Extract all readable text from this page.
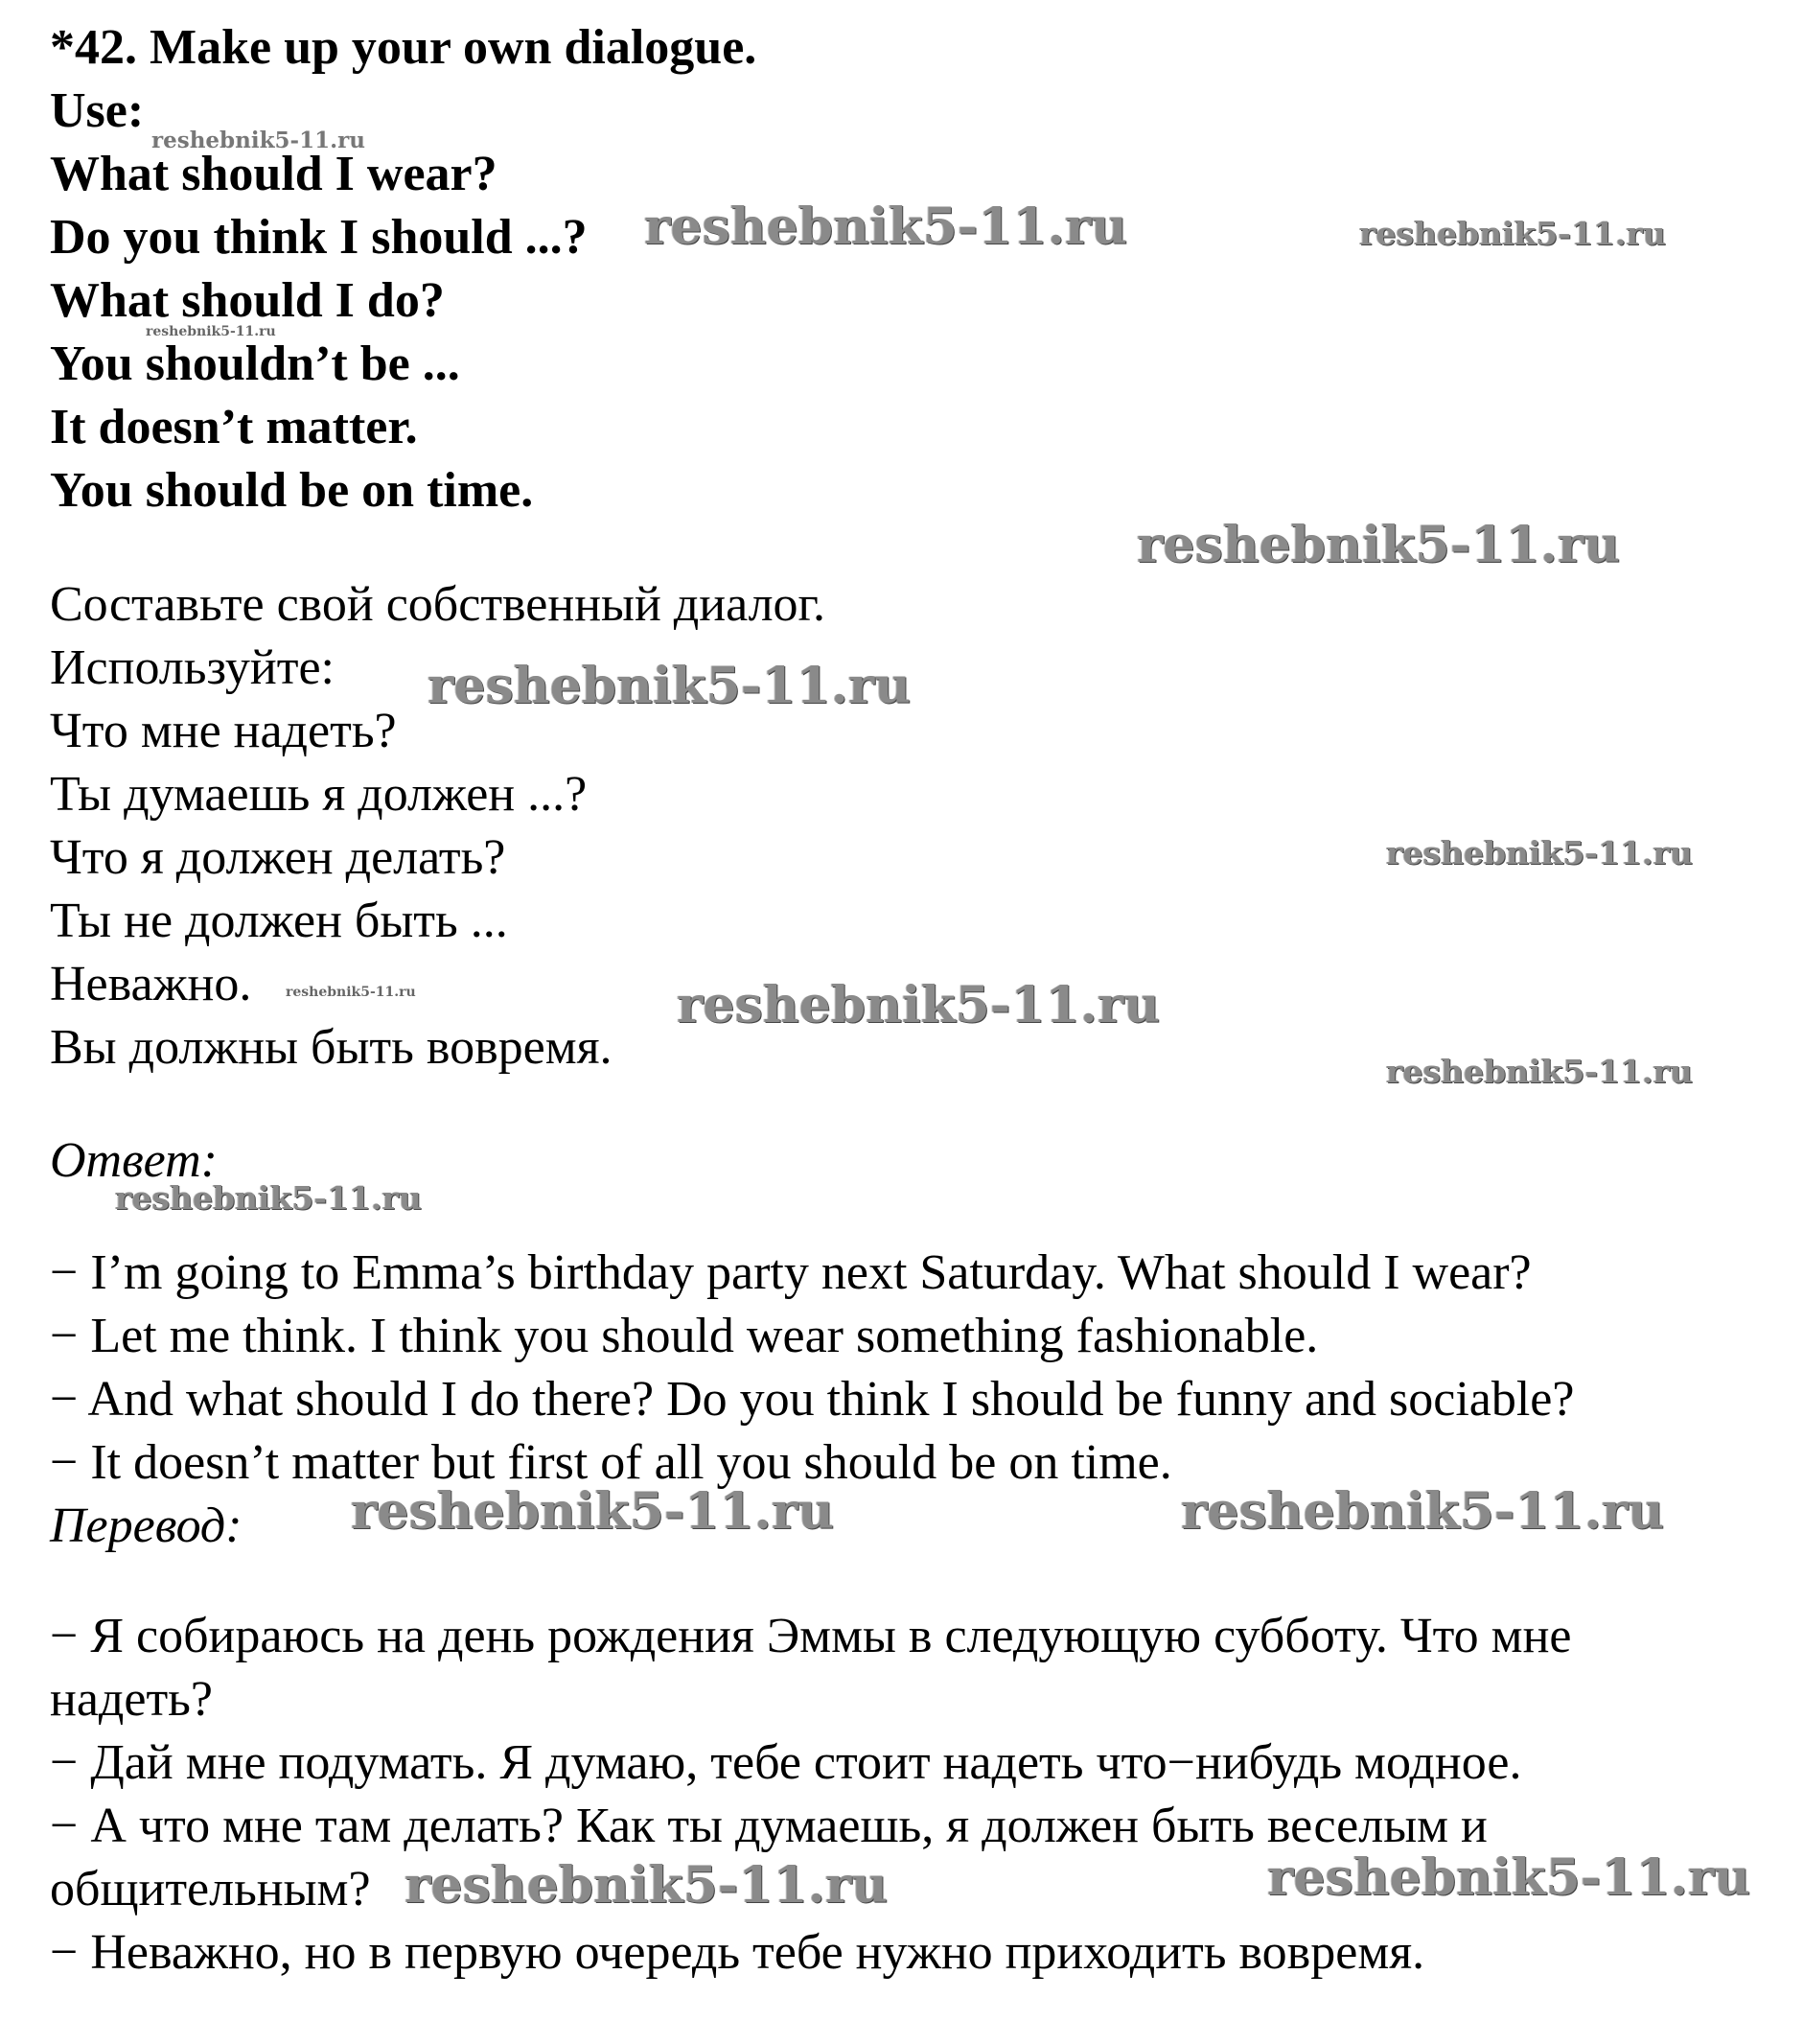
*42. Make up your own dialogue.
Use:
What should I wear?
Do you think I should ...?
What should I do?
You shouldn’t be ...
It doesn’t matter.
You should be on time.
Составьте свой собственный диалог.
Используйте:
Что мне надеть?
Ты думаешь я должен ...?
Что я должен делать?
Ты не должен быть ...
Неважно.
Вы должны быть вовремя.
Ответ:
− I’m going to Emma’s birthday party next Saturday. What should I wear?
− Let me think. I think you should wear something fashionable.
− And what should I do there? Do you think I should be funny and sociable?
− It doesn’t matter but first of all you should be on time.
Перевод:
− Я собираюсь на день рождения Эммы в следующую субботу. Что мне
надеть?
− Дай мне подумать. Я думаю, тебе стоит надеть что−нибудь модное.
− А что мне там делать? Как ты думаешь, я должен быть веселым и
общительным?
− Неважно, но в первую очередь тебе нужно приходить вовремя.
reshebnik5-11.ru
reshebnik5-11.ru	reshebnik5-11.ru
reshebnik5-11.ru
reshebnik5-11.ru
reshebnik5-11.ru
reshebnik5-11.ru
reshebnik5-11.ru	reshebnik5-11.ru
reshebnik5-11.ru
reshebnik5-11.ru
reshebnik5-11.ru	reshebnik5-11.ru
reshebnik5-11.ru	reshebnik5-11.ru
